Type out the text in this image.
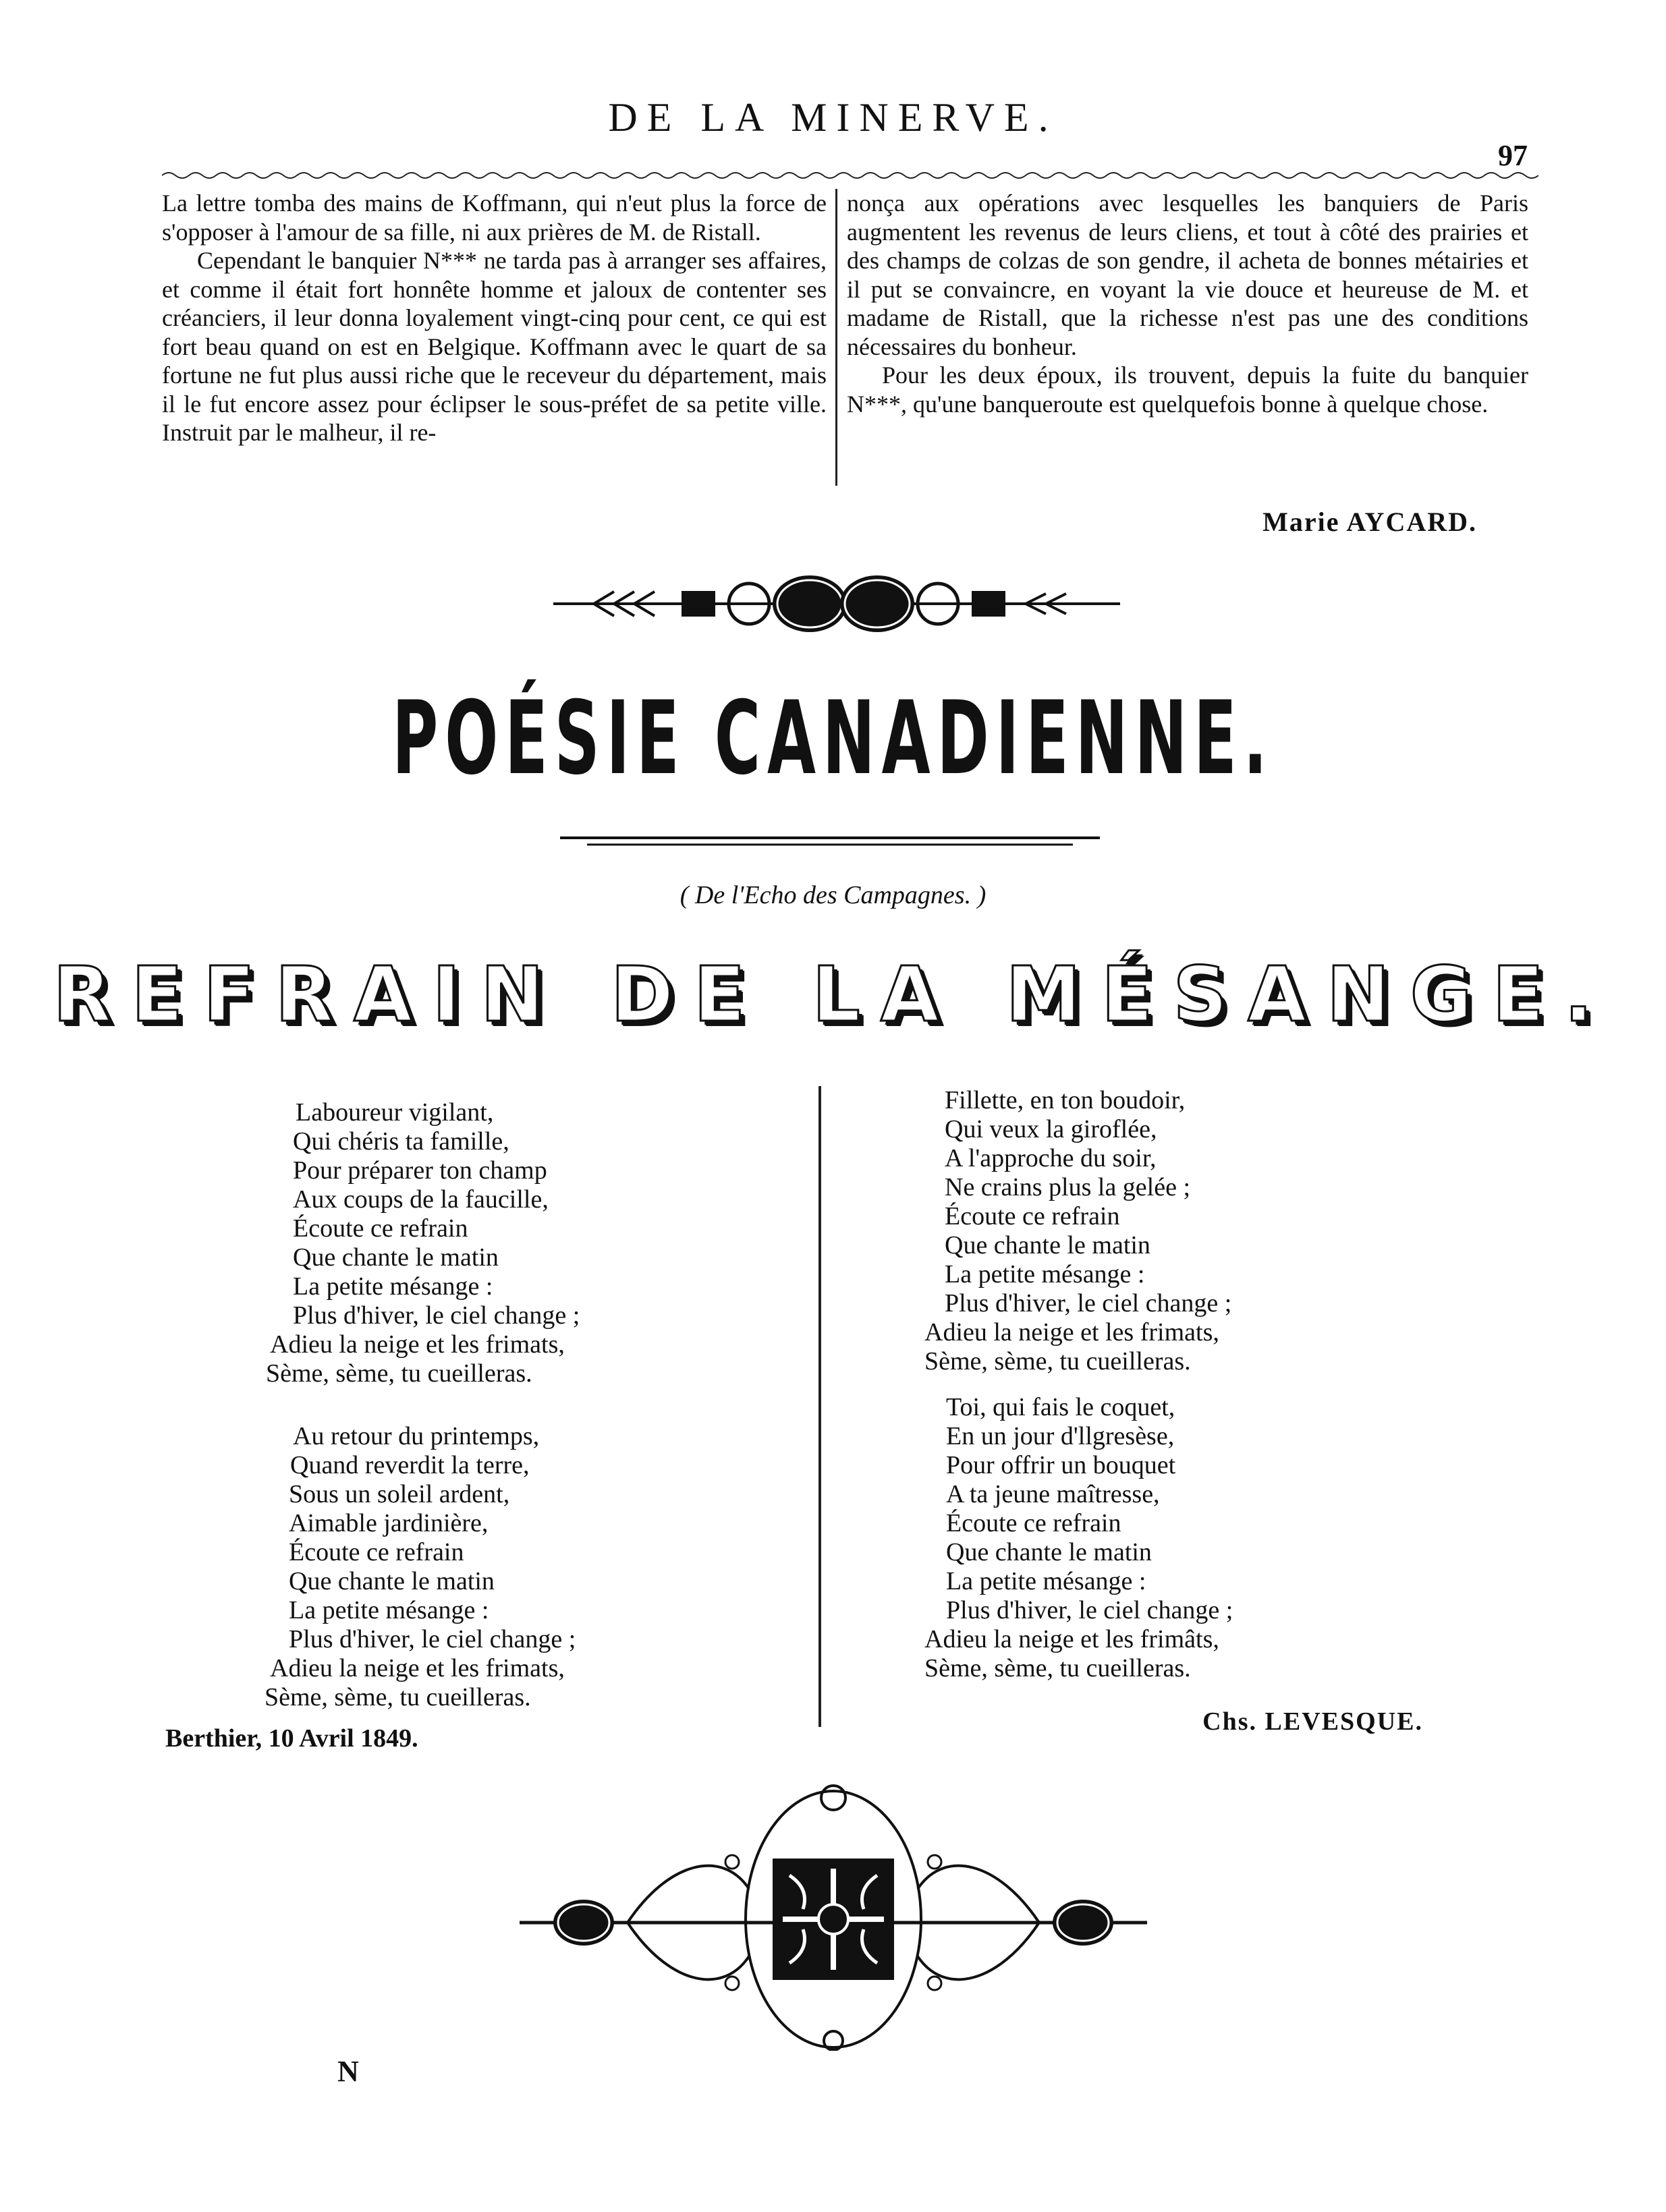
DE LA MINERVE.
97

La lettre tomba des mains de Koffmann, qui n'eut plus la force de s'opposer à l'amour de sa fille, ni aux prières de M. de Ristall.

Cependant le banquier N*** ne tarda pas à arranger ses affaires, et comme il était fort honnête homme et jaloux de contenter ses créanciers, il leur donna loyalement vingt-cinq pour cent, ce qui est fort beau quand on est en Belgique. Koffmann avec le quart de sa fortune ne fut plus aussi riche que le receveur du département, mais il le fut encore assez pour éclipser le sous-préfet de sa petite ville. Instruit par le malheur, il re-

nonça aux opérations avec lesquelles les banquiers de Paris augmentent les revenus de leurs cliens, et tout à côté des prairies et des champs de colzas de son gendre, il acheta de bonnes métairies et il put se convaincre, en voyant la vie douce et heureuse de M. et madame de Ristall, que la richesse n'est pas une des conditions nécessaires du bonheur.

Pour les deux époux, ils trouvent, depuis la fuite du banquier N***, qu'une banqueroute est quelquefois bonne à quelque chose.

Marie AYCARD.
POÉSIE CANADIENNE.
( De l'Echo des Campagnes. )
REFRAIN DE LA MÉSANGE.
Laboureur vigilant,
Qui chéris ta famille,
Pour préparer ton champ
Aux coups de la faucille,
Écoute ce refrain
Que chante le matin
La petite mésange :
Plus d'hiver, le ciel change ;
Adieu la neige et les frimats,
Sème, sème, tu cueilleras.
Au retour du printemps,
Quand reverdit la terre,
Sous un soleil ardent,
Aimable jardinière,
Écoute ce refrain
Que chante le matin
La petite mésange :
Plus d'hiver, le ciel change ;
Adieu la neige et les frimats,
Sème, sème, tu cueilleras.
Fillette, en ton boudoir,
Qui veux la giroflée,
A l'approche du soir,
Ne crains plus la gelée ;
Écoute ce refrain
Que chante le matin
La petite mésange :
Plus d'hiver, le ciel change ;
Adieu la neige et les frimats,
Sème, sème, tu cueilleras.
Toi, qui fais le coquet,
En un jour d'llgresèse,
Pour offrir un bouquet
A ta jeune maîtresse,
Écoute ce refrain
Que chante le matin
La petite mésange :
Plus d'hiver, le ciel change ;
Adieu la neige et les frimâts,
Sème, sème, tu cueilleras.
Berthier, 10 Avril 1849.
Chs. LEVESQUE.
N
